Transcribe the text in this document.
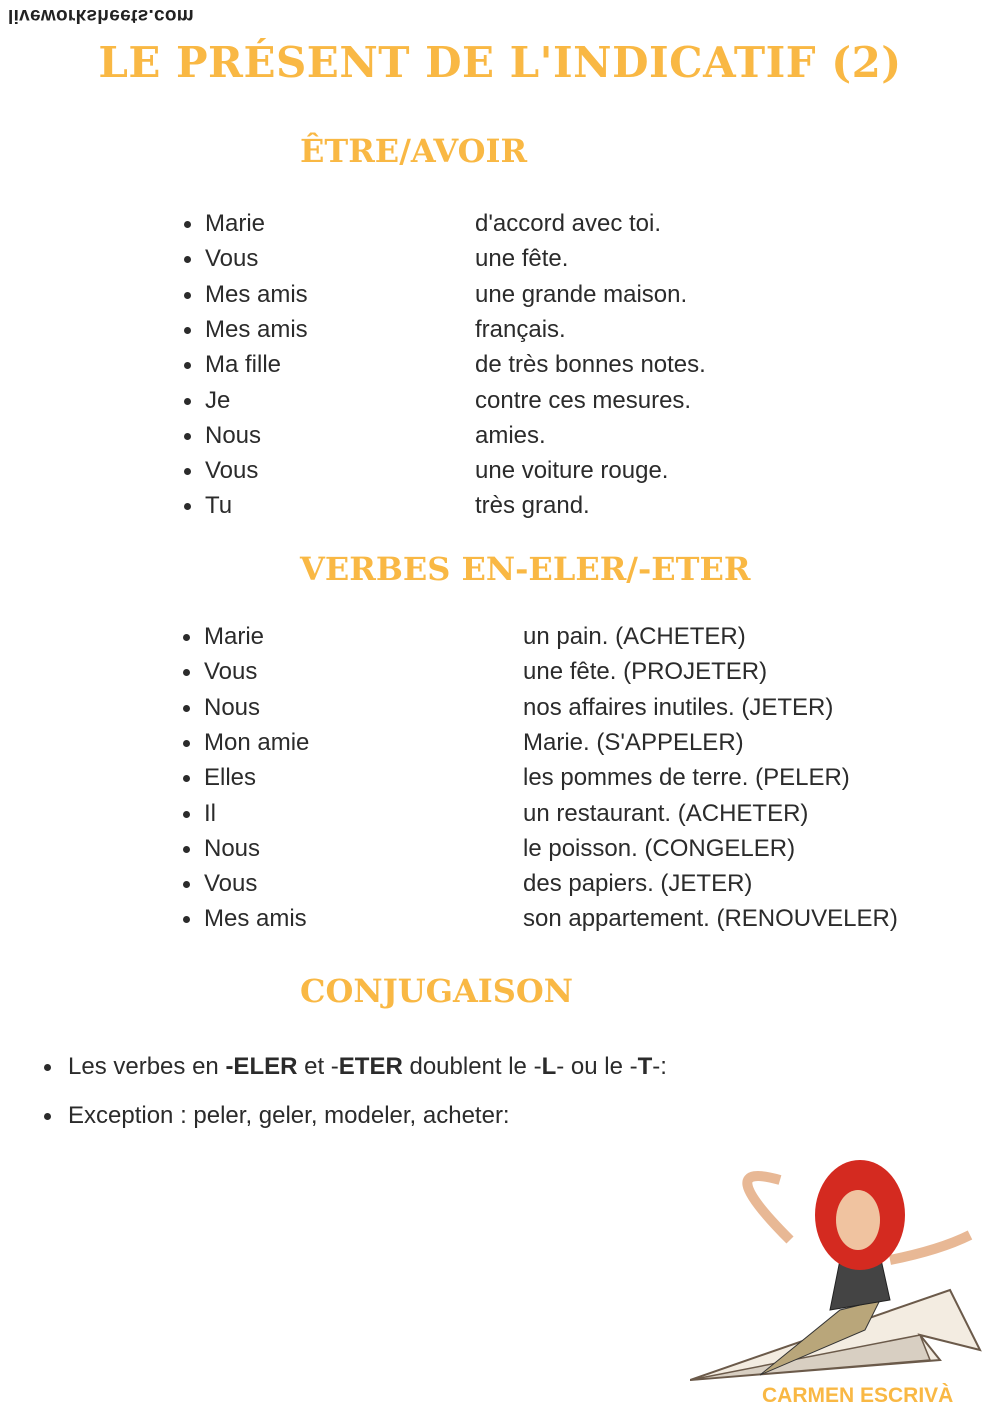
liveworksheets.com
LE PRÉSENT DE L'INDICATIF (2)
ÊTRE/AVOIR
Marie	d'accord avec toi.
Vous	une fête.
Mes amis	une grande maison.
Mes amis	français.
Ma fille	de très bonnes notes.
Je	contre ces mesures.
Nous	amies.
Vous	une voiture rouge.
Tu	très grand.
VERBES EN-ELER/-ETER
Marie	un pain. (ACHETER)
Vous	une fête. (PROJETER)
Nous	nos affaires inutiles. (JETER)
Mon amie	Marie. (S'APPELER)
Elles	les pommes de terre. (PELER)
Il	un restaurant. (ACHETER)
Nous	le poisson. (CONGELER)
Vous	des papiers. (JETER)
Mes amis	son appartement. (RENOUVELER)
CONJUGAISON
Les verbes en -ELER et -ETER doublent le -L- ou le -T-:
Exception : peler, geler, modeler, acheter:
CARMEN ESCRIVÀ
